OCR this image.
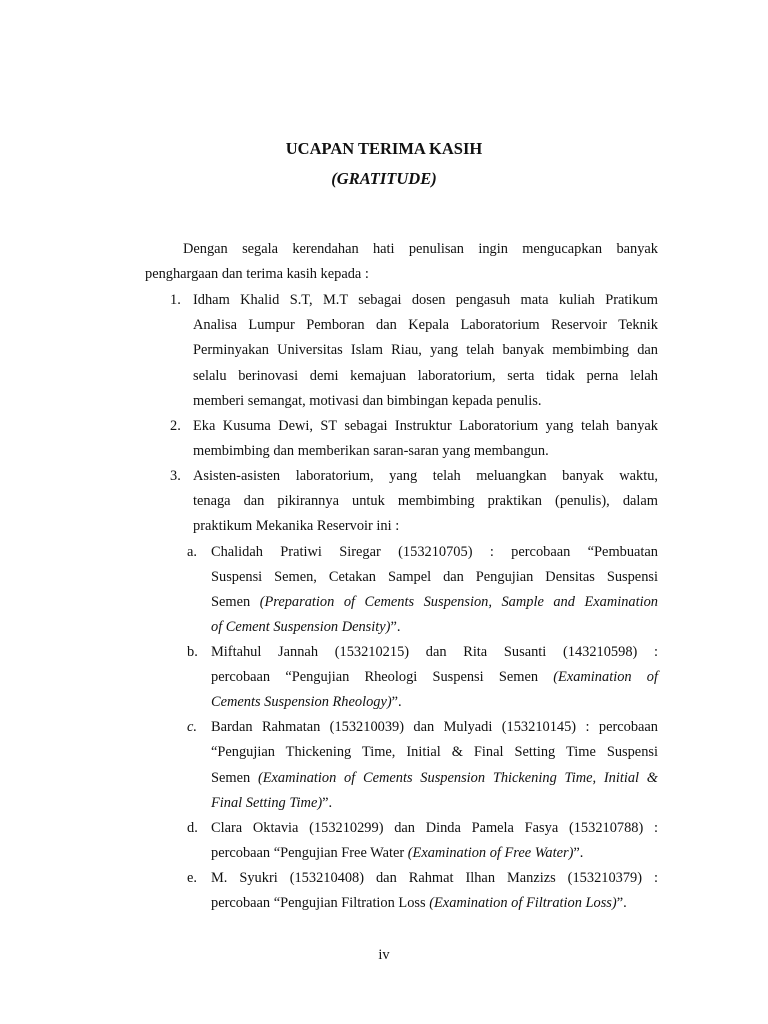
UCAPAN TERIMA KASIH
(GRATITUDE)
Dengan segala kerendahan hati penulisan ingin mengucapkan banyak
penghargaan dan terima kasih kepada :
1. Idham Khalid S.T, M.T sebagai dosen pengasuh mata kuliah Pratikum
Analisa Lumpur Pemboran dan Kepala Laboratorium Reservoir Teknik
Perminyakan Universitas Islam Riau, yang telah banyak membimbing dan
selalu berinovasi demi kemajuan laboratorium, serta tidak perna lelah
memberi semangat, motivasi dan bimbingan kepada penulis.
2. Eka Kusuma Dewi, ST sebagai Instruktur Laboratorium yang telah banyak
membimbing dan memberikan saran-saran yang membangun.
3. Asisten-asisten laboratorium, yang telah meluangkan banyak waktu,
tenaga dan pikirannya untuk membimbing praktikan (penulis), dalam
praktikum Mekanika Reservoir ini :
a. Chalidah Pratiwi Siregar (153210705) : percobaan “Pembuatan
Suspensi Semen, Cetakan Sampel dan Pengujian Densitas Suspensi
Semen (Preparation of Cements Suspension, Sample and Examination
of Cement Suspension Density)”.
b. Miftahul Jannah (153210215) dan Rita Susanti (143210598) :
percobaan “Pengujian Rheologi Suspensi Semen (Examination of
Cements Suspension Rheology)”.
c. Bardan Rahmatan (153210039) dan Mulyadi (153210145) : percobaan
“Pengujian Thickening Time, Initial & Final Setting Time Suspensi
Semen (Examination of Cements Suspension Thickening Time, Initial &
Final Setting Time)”.
d. Clara Oktavia (153210299) dan Dinda Pamela Fasya (153210788) :
percobaan “Pengujian Free Water (Examination of Free Water)”.
e. M. Syukri (153210408) dan Rahmat Ilhan Manzizs (153210379) :
percobaan “Pengujian Filtration Loss (Examination of Filtration Loss)”.
iv
